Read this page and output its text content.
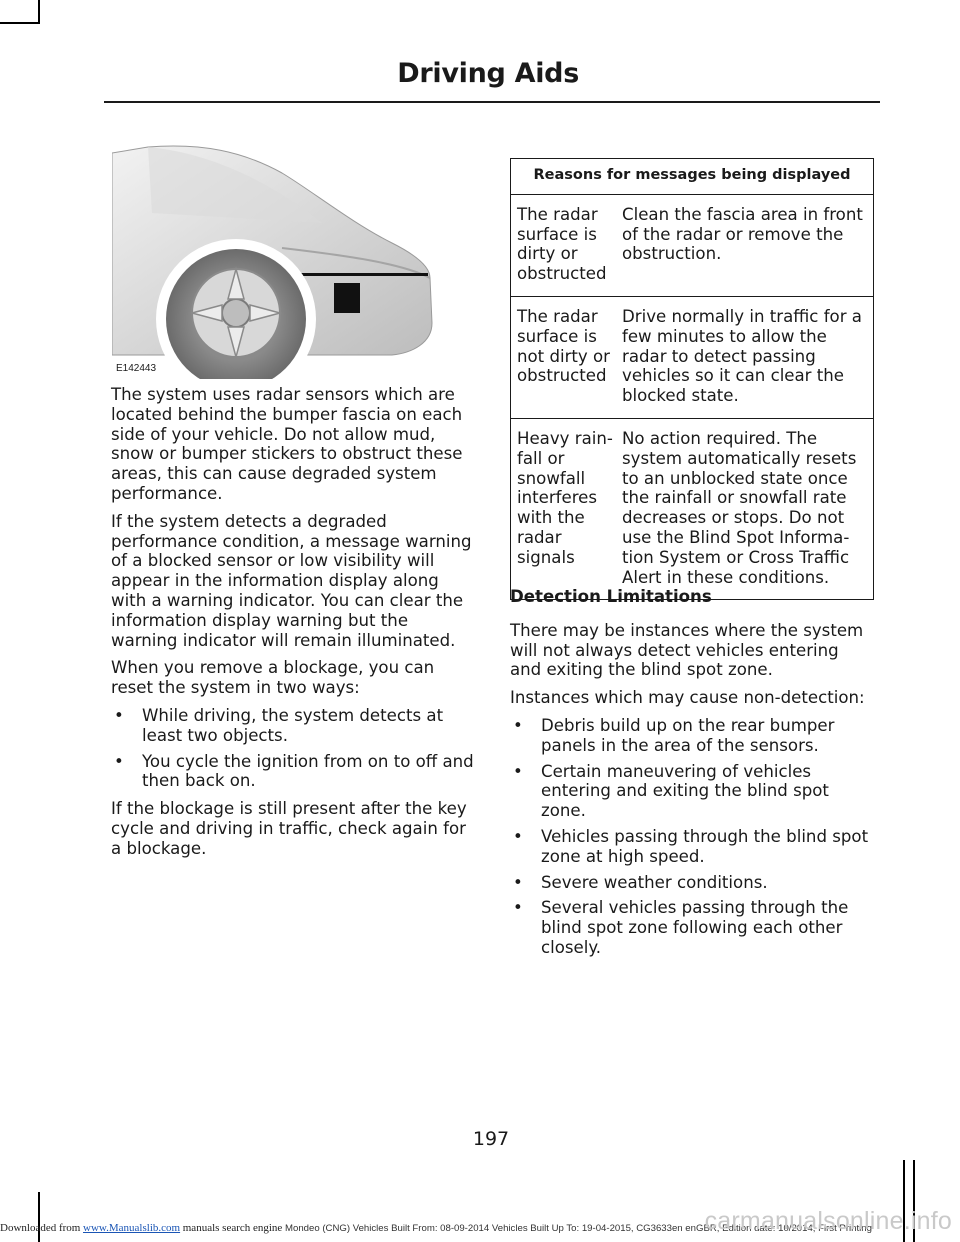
Driving Aids
E142443

The system uses radar sensors which are located behind the bumper fascia on each side of your vehicle. Do not allow mud, snow or bumper stickers to obstruct these areas, this can cause degraded system performance.

If the system detects a degraded performance condition, a message warning of a blocked sensor or low visibility will appear in the information display along with a warning indicator. You can clear the information display warning but the warning indicator will remain illuminated.

When you remove a blockage, you can reset the system in two ways:

• While driving, the system detects at least two objects.
• You cycle the ignition from on to off and then back on.

If the blockage is still present after the key cycle and driving in traffic, check again for a blockage.

Reasons for messages being displayed	
The radar surface is dirty or obstructed	Clean the fascia area in front of the radar or remove the obstruction.
The radar surface is not dirty or obstructed	Drive normally in traffic for a few minutes to allow the radar to detect passing vehicles so it can clear the blocked state.
Heavy rain-fall or snowfall interferes with the radar signals	No action required. The system automatically resets to an unblocked state once the rainfall or snowfall rate decreases or stops. Do not use the Blind Spot Informa-tion System or Cross Traffic Alert in these conditions.
Detection Limitations

There may be instances where the system will not always detect vehicles entering and exiting the blind spot zone.

Instances which may cause non-detection:

• Debris build up on the rear bumper panels in the area of the sensors.
• Certain maneuvering of vehicles entering and exiting the blind spot zone.
• Vehicles passing through the blind spot zone at high speed.
• Severe weather conditions.
• Several vehicles passing through the blind spot zone following each other closely.
197
Downloaded from www.Manualslib.com manuals search engine Mondeo (CNG) Vehicles Built From: 08-09-2014 Vehicles Built Up To: 19-04-2015, CG3633en enGBR, Edition date: 10/2014, First Printing
carmanualsonline.info
